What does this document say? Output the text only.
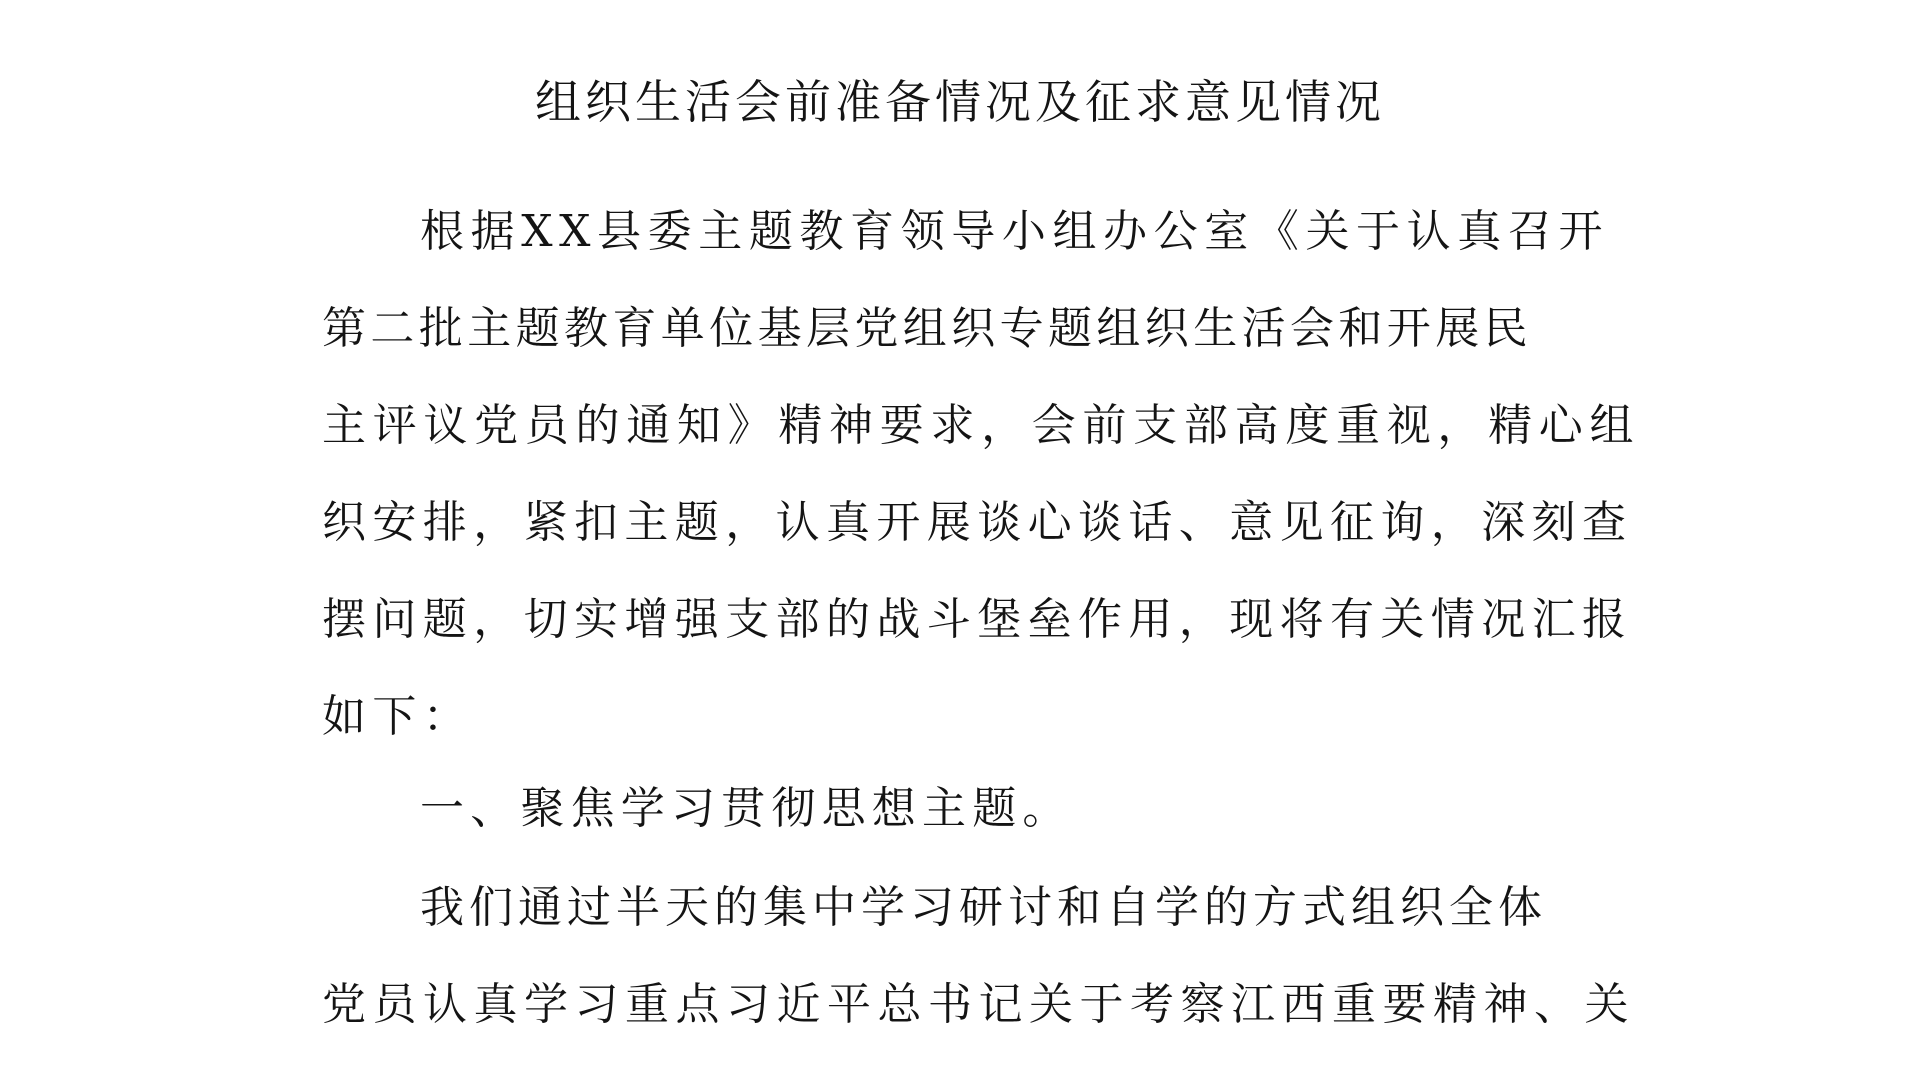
组织生活会前准备情况及征求意见情况
根据XX县委主题教育领导小组办公室《关于认真召开
第二批主题教育单位基层党组织专题组织生活会和开展民
主评议党员的通知》精神要求，会前支部高度重视，精心组
织安排，紧扣主题，认真开展谈心谈话、意见征询，深刻查
摆问题，切实增强支部的战斗堡垒作用，现将有关情况汇报
如下：
一、聚焦学习贯彻思想主题。
我们通过半天的集中学习研讨和自学的方式组织全体
党员认真学习重点习近平总书记关于考察江西重要精神、关
